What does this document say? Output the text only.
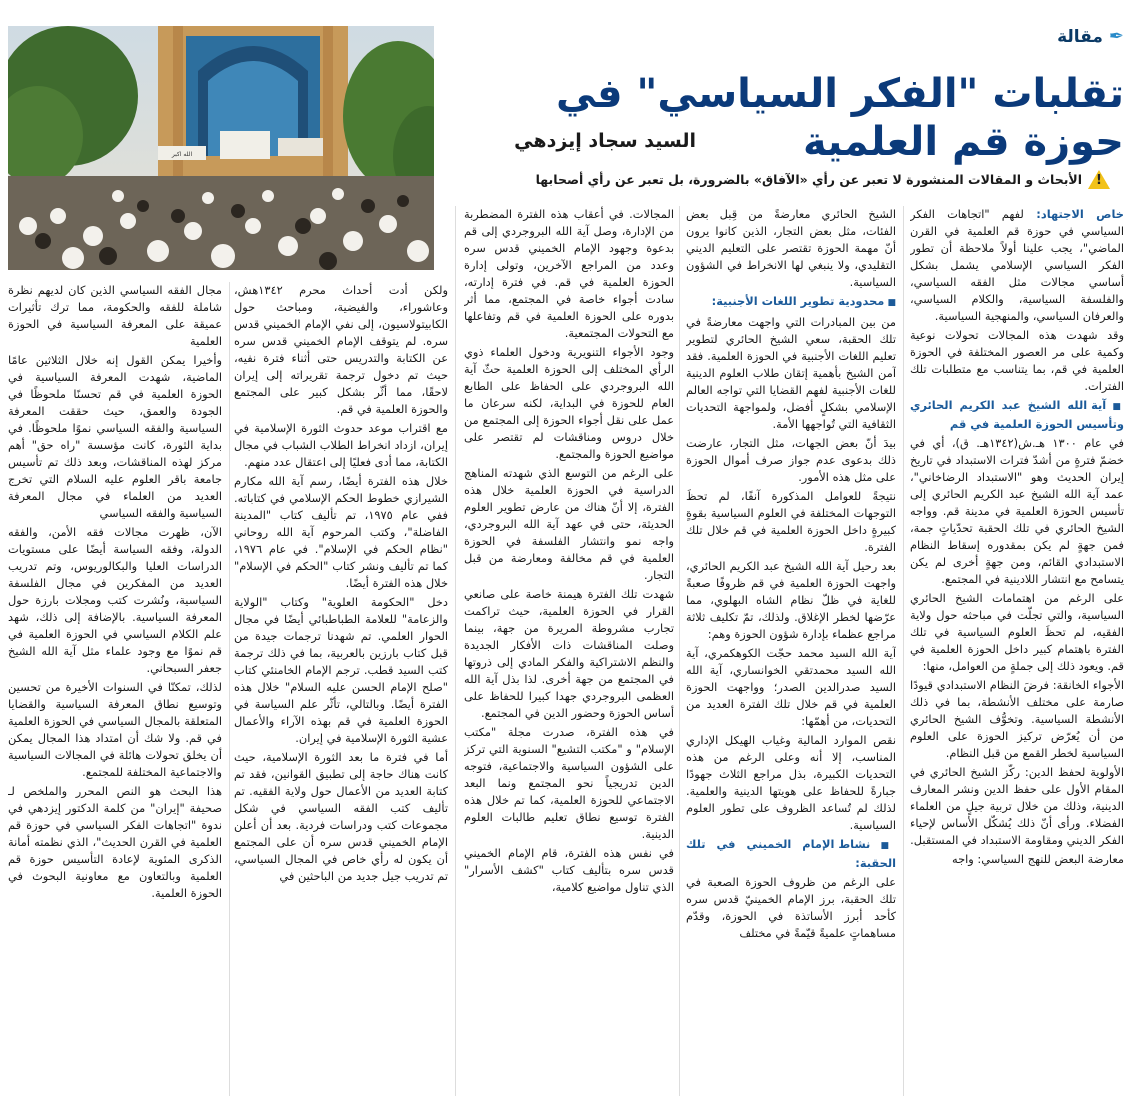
✒
مقالة
تقلبات "الفكر السياسي" في حوزة قم العلمية
السيد سجاد إيزدهي
!
الأبحاث و المقالات المنشورة لا تعبر عن رأي «الآفاق» بالضرورة، بل تعبر عن رأي أصحابها
الله اكبر

خاص الاجتهاد: لفهم "اتجاهات الفكر السياسي في حوزة قم العلمية في القرن الماضي"، يجب علينا أولاً ملاحظة أن تطور الفكر السياسي الإسلامي يشمل بشكل أساسي مجالات مثل الفقه السياسي، والفلسفة السياسية، والكلام السياسي، والعرفان السياسي، والمنهجية السياسية.

وقد شهدت هذه المجالات تحولات نوعية وكمية على مر العصور المختلفة في الحوزة العلمية في قم، بما يتناسب مع متطلبات تلك الفترات.

■ آية الله الشيخ عبد الكريم الحائري وتأسيس الحوزة العلمية في قم

في عام ١٣٠٠ هـ.ش(١٣٤٢هـ. ق)، أي في خضمّ فترةٍ من أشدّ فترات الاستبداد في تاريخ إيران الحديث وهو "الاستبداد الرضاخاني"، عمد آية الله الشيخ عبد الكريم الحائري إلى تأسيس الحوزة العلمية في مدينة قم. وواجه الشيخ الحائري في تلك الحقبة تحدّياتٍ جمة، فمن جهةٍ لم يكن بمقدوره إسقاط النظام الاستبدادي القائم، ومن جهةٍ أخرى لم يكن يتسامح مع انتشار اللادينية في المجتمع.

على الرغم من اهتمامات الشيخ الحائري السياسية، والتي تجلّت في مباحثه حول ولاية الفقيه، لم تحظَ العلوم السياسية في تلك الفترة باهتمام كبير داخل الحوزة العلمية في قم. ويعود ذلك إلى جملةٍ من العوامل، منها:

الأجواء الخانقة: فرضَ النظام الاستبدادي قيودًا صارمة على مختلف الأنشطة، بما في ذلك الأنشطة السياسية. وتخوُّف الشيخ الحائري من أن يُعرّض تركيز الحوزة على العلوم السياسية لخطر القمع من قبل النظام.

الأولوية لحفظ الدين: ركّز الشيخ الحائري في المقام الأول على حفظ الدين ونشر المعارف الدينية، وذلك من خلال تربية جيلٍ من العلماء الفضلاء. ورأى أنّ ذلك يُشكّل الأساس لإحياء الفكر الديني ومقاومة الاستبداد في المستقبل.

معارضة البعض للنهج السياسي: واجه

الشيخ الحائري معارضةً من قِبل بعض الفئات، مثل بعض التجار، الذين كانوا يرون أنّ مهمة الحوزة تقتصر على التعليم الديني التقليدي، ولا ينبغي لها الانخراط في الشؤون السياسية.

■ محدودية تطوير اللغات الأجنبية:

من بين المبادرات التي واجهت معارضةً في تلك الحقبة، سعي الشيخ الحائري لتطوير تعليم اللغات الأجنبية في الحوزة العلمية. فقد آمن الشيخ بأهمية إتقان طلاب العلوم الدينية للغات الأجنبية لفهم القضايا التي تواجه العالم الإسلامي بشكلٍ أفضل، ولمواجهة التحديات الثقافية التي تُواجهها الأمة.

بيدَ أنّ بعض الجهات، مثل التجار، عارضت ذلك بدعوى عدم جواز صرف أموال الحوزة على مثل هذه الأمور.

نتيجةً للعوامل المذكورة آنفًا، لم تحظَ التوجهات المختلفة في العلوم السياسية بقوةٍ كبيرةٍ داخل الحوزة العلمية في قم خلال تلك الفترة.

بعد رحيل آية الله الشيخ عبد الكريم الحائري، واجهت الحوزة العلمية في قم ظروفًا صعبةً للغاية في ظلّ نظام الشاه البهلوي، مما عرّضها لخطر الإغلاق. ولذلك، تمّ تكليف ثلاثة مراجع عظماء بإدارة شؤون الحوزة وهم:

آية الله السيد محمد حجّت الكوهكمري، آية الله السيد محمدتقي الخوانساري، آية الله السيد صدرالدين الصدر؛ وواجهت الحوزة العلمية في قم خلال تلك الفترة العديد من التحديات، من أهمّها:

نقص الموارد المالية وغياب الهيكل الإداري المناسب، إلا أنه وعلى الرغم من هذه التحديات الكبيرة، بذل مراجع الثلاث جهودًا جبارةً للحفاظ على هويتها الدينية والعلمية. لذلك لم تُساعد الظروف على تطور العلوم السياسية.

■ نشاط الإمام الخميني في تلك الحقبة:

على الرغم من ظروف الحوزة الصعبة في تلك الحقبة، برز الإمام الخمينيّ قدس سره كأحد أبرز الأساتذة في الحوزة، وقدّم مساهماتٍ علميةً قيّمةً في مختلف

المجالات. في أعقاب هذه الفترة المضطربة من الإدارة، وصل آية الله البروجردي إلى قم بدعوة وجهود الإمام الخميني قدس سره وعدد من المراجع الآخرين، وتولى إدارة الحوزة العلمية في قم. في فترة إدارته، سادت أجواء خاصة في المجتمع، مما أثر بدوره على الحوزة العلمية في قم وتفاعلها مع التحولات المجتمعية.

وجود الأجواء التنويرية ودخول العلماء ذوي الرأي المختلف إلى الحوزة العلمية حثّ آية الله البروجردي على الحفاظ على الطابع العام للحوزة في البداية، لكنه سرعان ما عمل على نقل أجواء الحوزة إلى المجتمع من خلال دروس ومناقشات لم تقتصر على مواضيع الحوزة والمجتمع.

على الرغم من التوسع الذي شهدته المناهج الدراسية في الحوزة العلمية خلال هذه الفترة، إلا أنّ هناك من عارض تطوير العلوم الحديثة، حتى في عهد آية الله البروجردي، واجه نمو وانتشار الفلسفة في الحوزة العلمية في قم مخالفة ومعارضة من قبل التجار.

شهدت تلك الفترة هيمنة خاصة على صانعي القرار في الحوزة العلمية، حيث تراكمت تجارب مشروطة المريرة من جهة، بينما وصلت المناقشات ذات الأفكار الجديدة والنظم الاشتراكية والفكر المادي إلى ذروتها في المجتمع من جهة أخرى. لذا بذل آية الله العظمى البروجردي جهدا كبيرا للحفاظ على أساس الحوزة وحضور الدين في المجتمع.

في هذه الفترة، صدرت مجلة "مكتب الإسلام" و "مكتب التشيع" السنوية التي تركز على الشؤون السياسية والاجتماعية، فتوجه الدين تدريجياً نحو المجتمع ونما البعد الاجتماعي للحوزة العلمية، كما تم خلال هذه الفترة توسيع نطاق تعليم طالبات العلوم الدينية.

في نفس هذه الفترة، قام الإمام الخميني قدس سره بتأليف كتاب "كشف الأسرار" الذي تناول مواضيع كلامية،

ولكن أدت أحداث محرم ١٣٤٢هش، وعاشوراء، والفيضية، ومباحث حول الكابيتولاسيون، إلى نفي الإمام الخميني قدس سره. لم يتوقف الإمام الخميني قدس سره عن الكتابة والتدريس حتى أثناء فترة نفيه، حيث تم دخول ترجمة تقريراته إلى إيران لاحقًا، مما أثّر بشكل كبير على المجتمع والحوزة العلمية في قم.

مع اقتراب موعد حدوث الثورة الإسلامية في إيران، ازداد انخراط الطلاب الشباب في مجال الكتابة، مما أدى فعليًا إلى اعتقال عدد منهم.

خلال هذه الفترة أيضًا، رسم آية الله مكارم الشيرازي خطوط الحكم الإسلامي في كتاباته. ففي عام ١٩٧٥، تم تأليف كتاب "المدينة الفاضلة"، وكتب المرحوم آية الله روحاني "نظام الحكم في الإسلام". في عام ١٩٧٦، كما تم تأليف ونشر كتاب "الحكم في الإسلام" خلال هذه الفترة أيضًا.

دخل "الحكومة العلوية" وكتاب "الولاية والزعامة" للعلامة الطباطبائي أيضًا في مجال الحوار العلمي. تم شهدنا ترجمات جيدة من قبل كتاب بارزين بالعربية، بما في ذلك ترجمة كتب السيد قطب. ترجم الإمام الخامنئي كتاب "صلح الإمام الحسن عليه السلام" خلال هذه الفترة أيضًا. وبالتالي، تأثّر علم السياسة في الحوزة العلمية في قم بهذه الآراء والأعمال عشية الثورة الإسلامية في إيران.

أما في فترة ما بعد الثورة الإسلامية، حيث كانت هناك حاجة إلى تطبيق القوانين، فقد تم كتابة العديد من الأعمال حول ولاية الفقيه. تم تأليف كتب الفقه السياسي في شكل مجموعات كتب ودراسات فردية. بعد أن أعلن الإمام الخميني قدس سره أن على المجتمع أن يكون له رأي خاص في المجال السياسي، تم تدريب جيل جديد من الباحثين في

مجال الفقه السياسي الذين كان لديهم نظرة شاملة للفقه والحكومة، مما ترك تأثيرات عميقة على المعرفة السياسية في الحوزة العلمية

وأخيرا يمكن القول إنه خلال الثلاثين عامًا الماضية، شهدت المعرفة السياسية في الحوزة العلمية في قم تحسنًا ملحوظًا في الجودة والعمق، حيث حققت المعرفة السياسية والفقه السياسي نموًا ملحوظًا. في بداية الثورة، كانت مؤسسة "راه حق" أهم مركز لهذه المناقشات، وبعد ذلك تم تأسيس جامعة باقر العلوم عليه السلام التي تخرج العديد من العلماء في مجال المعرفة السياسية والفقه السياسي

الآن، ظهرت مجالات فقه الأمن، والفقه الدولة، وفقه السياسة أيضًا على مستويات الدراسات العليا والبكالوريوس، وتم تدريب العديد من المفكرين في مجال الفلسفة السياسية، ونُشرت كتب ومجلات بارزة حول المعرفة السياسية. بالإضافة إلى ذلك، شهد علم الكلام السياسي في الحوزة العلمية في قم نموًا مع وجود علماء مثل آية الله الشيخ جعفر السبحاني.

لذلك، تمكنّا في السنوات الأخيرة من تحسين وتوسيع نطاق المعرفة السياسية والقضايا المتعلقة بالمجال السياسي في الحوزة العلمية في قم. ولا شك أن امتداد هذا المجال يمكن أن يخلق تحولات هائلة في المجالات السياسية والاجتماعية المختلفة للمجتمع.

هذا البحث هو النص المحرر والملخص لـ صحيفة "إيران" من كلمة الدكتور إيزدهي في ندوة "اتجاهات الفكر السياسي في حوزة قم العلمية في القرن الحديث"، الذي نظمته أمانة الذكرى المئوية لإعادة التأسيس حوزة قم العلمية وبالتعاون مع معاونية البحوث في الحوزة العلمية.
